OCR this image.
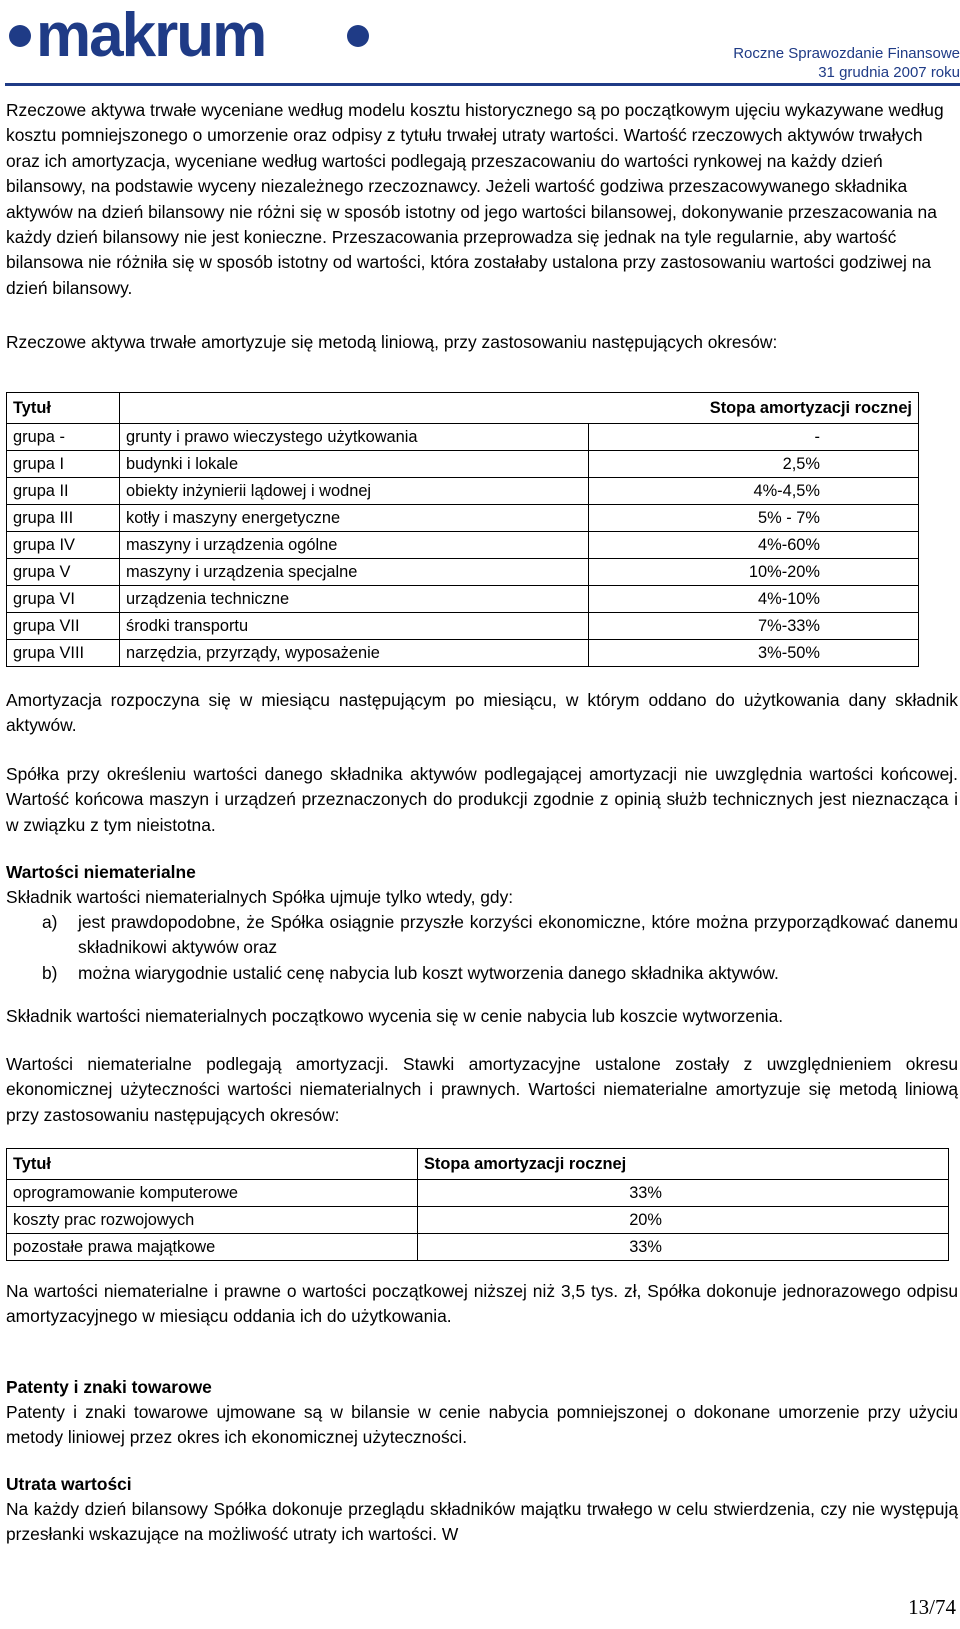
makrum	Roczne Sprawozdanie Finansowe
31 grudnia 2007 roku

Rzeczowe aktywa trwałe wyceniane według modelu kosztu historycznego są po początkowym ujęciu wykazywane według kosztu pomniejszonego o umorzenie oraz odpisy z tytułu trwałej utraty wartości. Wartość rzeczowych aktywów trwałych oraz ich amortyzacja, wyceniane według wartości podlegają przeszacowaniu do wartości rynkowej na każdy dzień bilansowy, na podstawie wyceny niezależnego rzeczoznawcy. Jeżeli wartość godziwa przeszacowywanego składnika aktywów na dzień bilansowy nie różni się w sposób istotny od jego wartości bilansowej, dokonywanie przeszacowania na każdy dzień bilansowy nie jest konieczne. Przeszacowania przeprowadza się jednak na tyle regularnie, aby wartość bilansowa nie różniła się w sposób istotny od wartości, która zostałaby ustalona przy zastosowaniu wartości godziwej na dzień bilansowy.

Rzeczowe aktywa trwałe amortyzuje się metodą liniową, przy zastosowaniu następujących okresów:

Tytuł		Stopa amortyzacji rocznej
grupa -	grunty i prawo wieczystego użytkowania	-
grupa I	budynki i lokale	2,5%
grupa II	obiekty inżynierii lądowej i wodnej	4%-4,5%
grupa III	kotły i maszyny energetyczne	5% - 7%
grupa IV	maszyny i urządzenia ogólne	4%-60%
grupa V	maszyny i urządzenia specjalne	10%-20%
grupa VI	urządzenia techniczne	4%-10%
grupa VII	środki transportu	7%-33%
grupa VIII	narzędzia, przyrządy, wyposażenie	3%-50%

Amortyzacja rozpoczyna się w miesiącu następującym po miesiącu, w którym oddano do użytkowania dany składnik aktywów.

Spółka przy określeniu wartości danego składnika aktywów podlegającej amortyzacji nie uwzględnia wartości końcowej. Wartość końcowa maszyn i urządzeń przeznaczonych do produkcji zgodnie z opinią służb technicznych jest nieznacząca i w związku z tym nieistotna.

Wartości niematerialne

Składnik wartości niematerialnych Spółka ujmuje tylko wtedy, gdy:

a) jest prawdopodobne, że Spółka osiągnie przyszłe korzyści ekonomiczne, które można przyporządkować danemu składnikowi aktywów oraz
b) można wiarygodnie ustalić cenę nabycia lub koszt wytworzenia danego składnika aktywów.

Składnik wartości niematerialnych początkowo wycenia się w cenie nabycia lub koszcie wytworzenia.

Wartości niematerialne podlegają amortyzacji. Stawki amortyzacyjne ustalone zostały z uwzględnieniem okresu ekonomicznej użyteczności wartości niematerialnych i prawnych. Wartości niematerialne amortyzuje się metodą liniową przy zastosowaniu następujących okresów:

Tytuł	Stopa amortyzacji rocznej	
oprogramowanie komputerowe	33%	
koszty prac rozwojowych	20%	
pozostałe prawa majątkowe	33%	

Na wartości niematerialne i prawne o wartości początkowej niższej niż 3,5 tys. zł, Spółka dokonuje jednorazowego odpisu amortyzacyjnego w miesiącu oddania ich do użytkowania.

Patenty i znaki towarowe

Patenty i znaki towarowe ujmowane są w bilansie w cenie nabycia pomniejszonej o dokonane umorzenie przy użyciu metody liniowej przez okres ich ekonomicznej użyteczności.

Utrata wartości

Na każdy dzień bilansowy Spółka dokonuje przeglądu składników majątku trwałego w celu stwierdzenia, czy nie występują przesłanki wskazujące na możliwość utraty ich wartości. W

13/74
